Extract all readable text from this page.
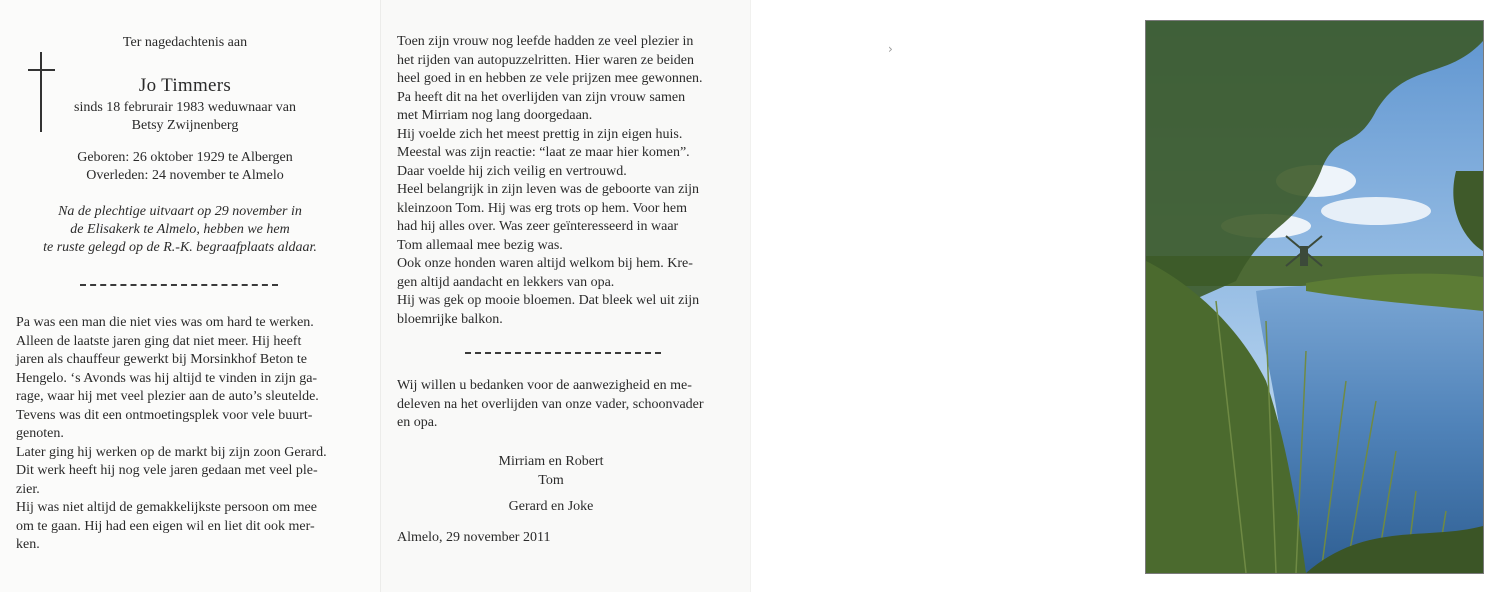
Ter nagedachtenis aan
Jo Timmers
sinds 18 februrair 1983 weduwnaar van
Betsy Zwijnenberg
Geboren: 26 oktober 1929 te Albergen
Overleden: 24 november te Almelo
Na de plechtige uitvaart op 29 november in
de Elisakerk te Almelo, hebben we hem
te ruste gelegd op de R.-K. begraafplaats aldaar.
Pa was een man die niet vies was om hard te werken.
Alleen de laatste jaren ging dat niet meer. Hij heeft
jaren als chauffeur gewerkt bij Morsinkhof Beton te
Hengelo. ‘s Avonds was hij altijd te vinden in zijn ga-
rage, waar hij met veel plezier aan de auto’s sleutelde.
Tevens was dit een ontmoetingsplek voor vele buurt-
genoten.
Later ging hij werken op de markt bij zijn zoon Gerard.
Dit werk heeft hij nog vele jaren gedaan met veel ple-
zier.
Hij was niet altijd de gemakkelijkste persoon om mee
om te gaan. Hij had een eigen wil en liet dit ook mer-
ken.
Toen zijn vrouw nog leefde hadden ze veel plezier in
het rijden van autopuzzelritten. Hier waren ze beiden
heel goed in en hebben ze vele prijzen mee gewonnen.
Pa heeft dit na het overlijden van zijn vrouw samen
met Mirriam nog lang doorgedaan.
Hij voelde zich het meest prettig in zijn eigen huis.
Meestal was zijn reactie: “laat ze maar hier komen”.
Daar voelde hij zich veilig en vertrouwd.
Heel belangrijk in zijn leven was de geboorte van zijn
kleinzoon Tom. Hij was erg trots op hem. Voor hem
had hij alles over. Was zeer geïnteresseerd in waar
Tom allemaal mee bezig was.
Ook onze honden waren altijd welkom bij hem. Kre-
gen altijd aandacht en lekkers van opa.
Hij was gek op mooie bloemen. Dat bleek wel uit zijn
bloemrijke balkon.
Wij willen u bedanken voor de aanwezigheid en me-
deleven na het overlijden van onze vader, schoonvader
en opa.
Mirriam en Robert
Tom
Gerard en Joke
Almelo, 29 november 2011
›
